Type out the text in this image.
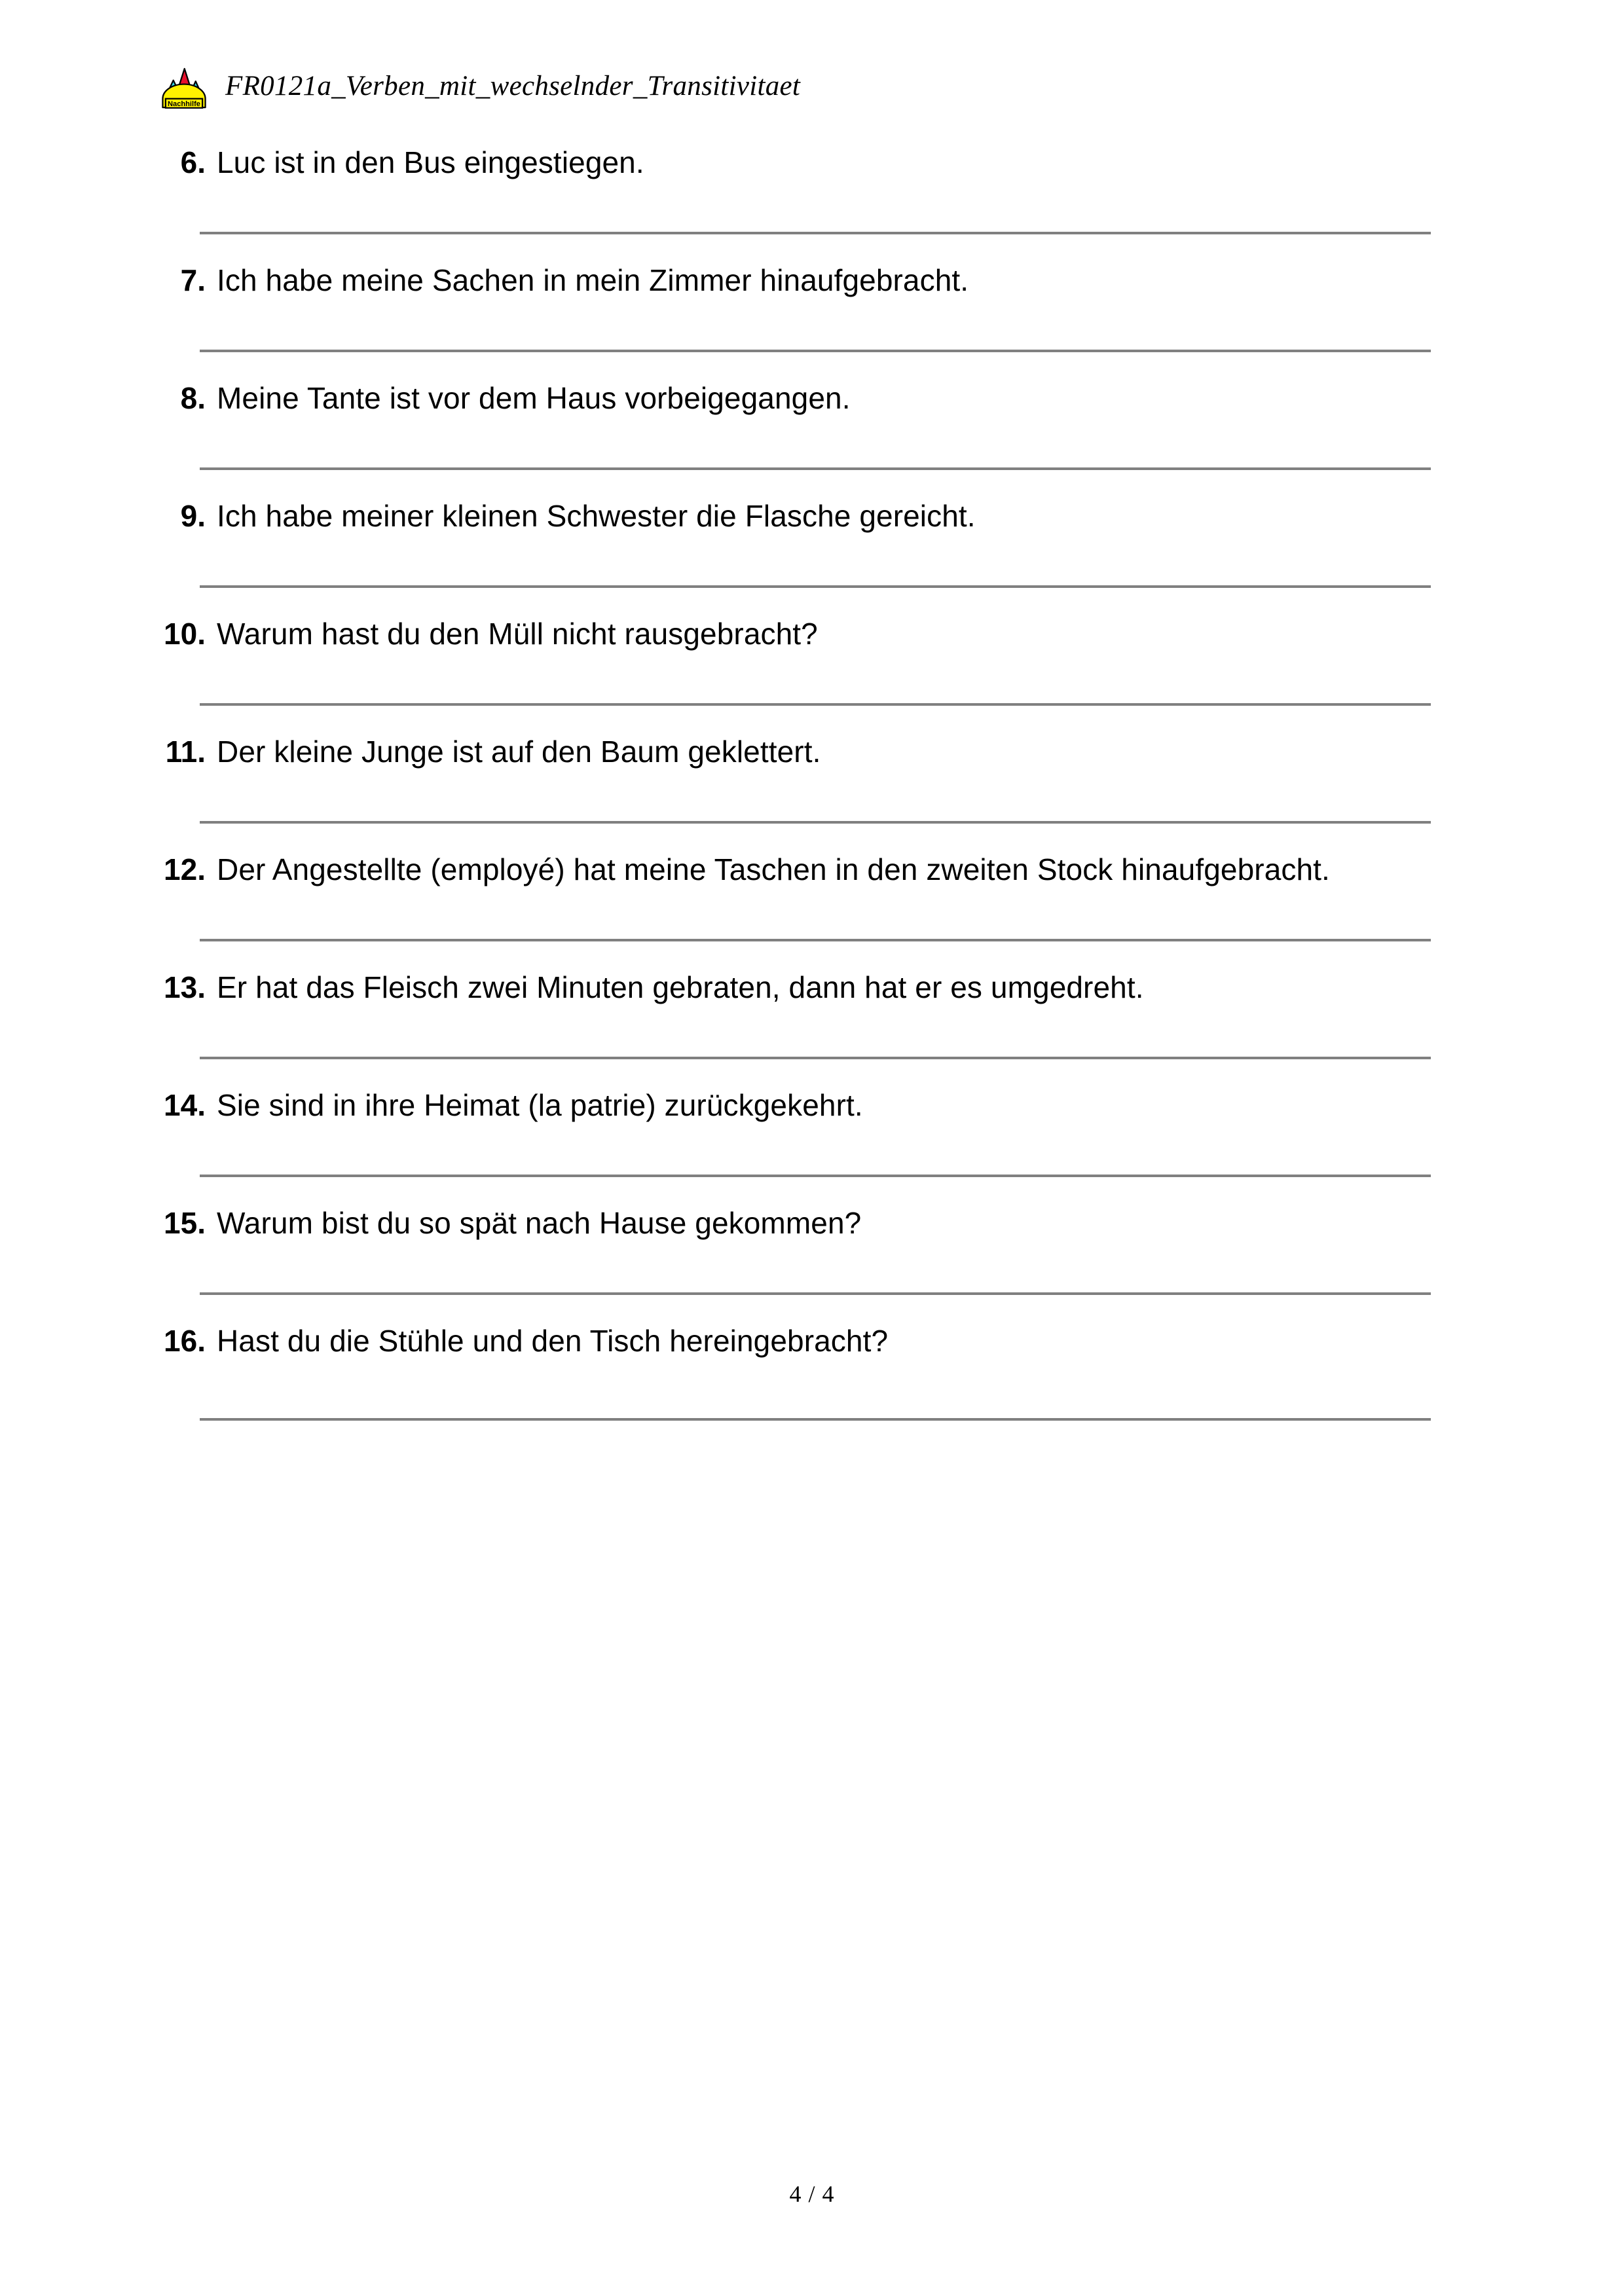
Nachhilfe
FR0121a_Verben_mit_wechselnder_Transitivitaet
6. Luc ist in den Bus eingestiegen.
7. Ich habe meine Sachen in mein Zimmer hinaufgebracht.
8. Meine Tante ist vor dem Haus vorbeigegangen.
9. Ich habe meiner kleinen Schwester die Flasche gereicht.
10. Warum hast du den Müll nicht rausgebracht?
11. Der kleine Junge ist auf den Baum geklettert.
12. Der Angestellte (employé) hat meine Taschen in den zweiten Stock hinaufgebracht.
13. Er hat das Fleisch zwei Minuten gebraten, dann hat er es umgedreht.
14. Sie sind in ihre Heimat (la patrie) zurückgekehrt.
15. Warum bist du so spät nach Hause gekommen?
16. Hast du die Stühle und den Tisch hereingebracht?
4 / 4
